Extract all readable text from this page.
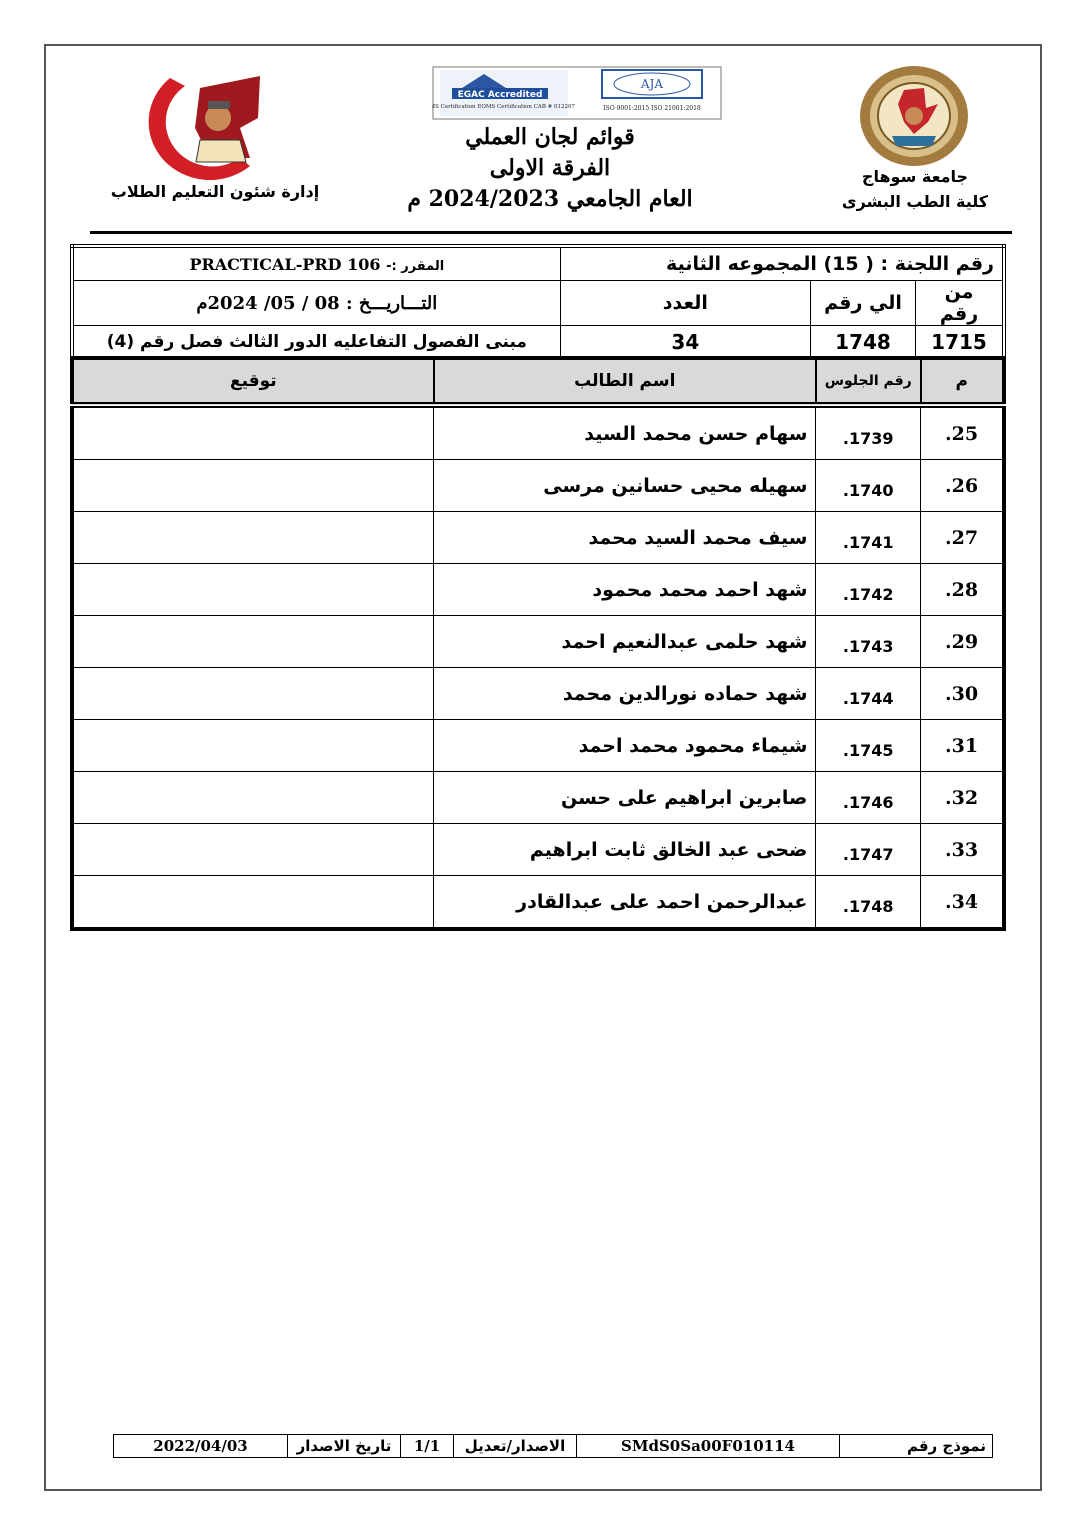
EGAC Accredited
QMS Certification EOMS Certification CAB # 012207
AJA
ISO 9001:2015 ISO 21001:2018
إدارة شئون التعليم الطلاب
جامعة سوهاج
كلية الطب البشرى
قوائم لجان العملي
الفرقة الاولى
العام الجامعي 2024/2023 م
رقم اللجنة : ( 15) المجموعه الثانية			المقرر :- PRACTICAL-PRD 106
من رقم	الي رقم	العدد	التـــاريـــخ : 08 / 05/ 2024م
1715	1748	34	مبنى الفصول التفاعليه الدور الثالث فصل رقم (4)
م	رقم الجلوس	اسم الطالب	توقيع
25.	1739.	سهام حسن محمد السيد	
26.	1740.	سهيله محيى حسانين مرسى	
27.	1741.	سيف محمد السيد محمد	
28.	1742.	شهد احمد محمد محمود	
29.	1743.	شهد حلمى عبدالنعيم احمد	
30.	1744.	شهد حماده نورالدين محمد	
31.	1745.	شيماء محمود محمد احمد	
32.	1746.	صابرين ابراهيم على حسن	
33.	1747.	ضحى عبد الخالق ثابت ابراهيم	
34.	1748.	عبدالرحمن احمد على عبدالقادر	
نموذج رقم	SMdS0Sa00F010114	الاصدار/تعديل	1/1	تاريخ الاصدار	2022/04/03
